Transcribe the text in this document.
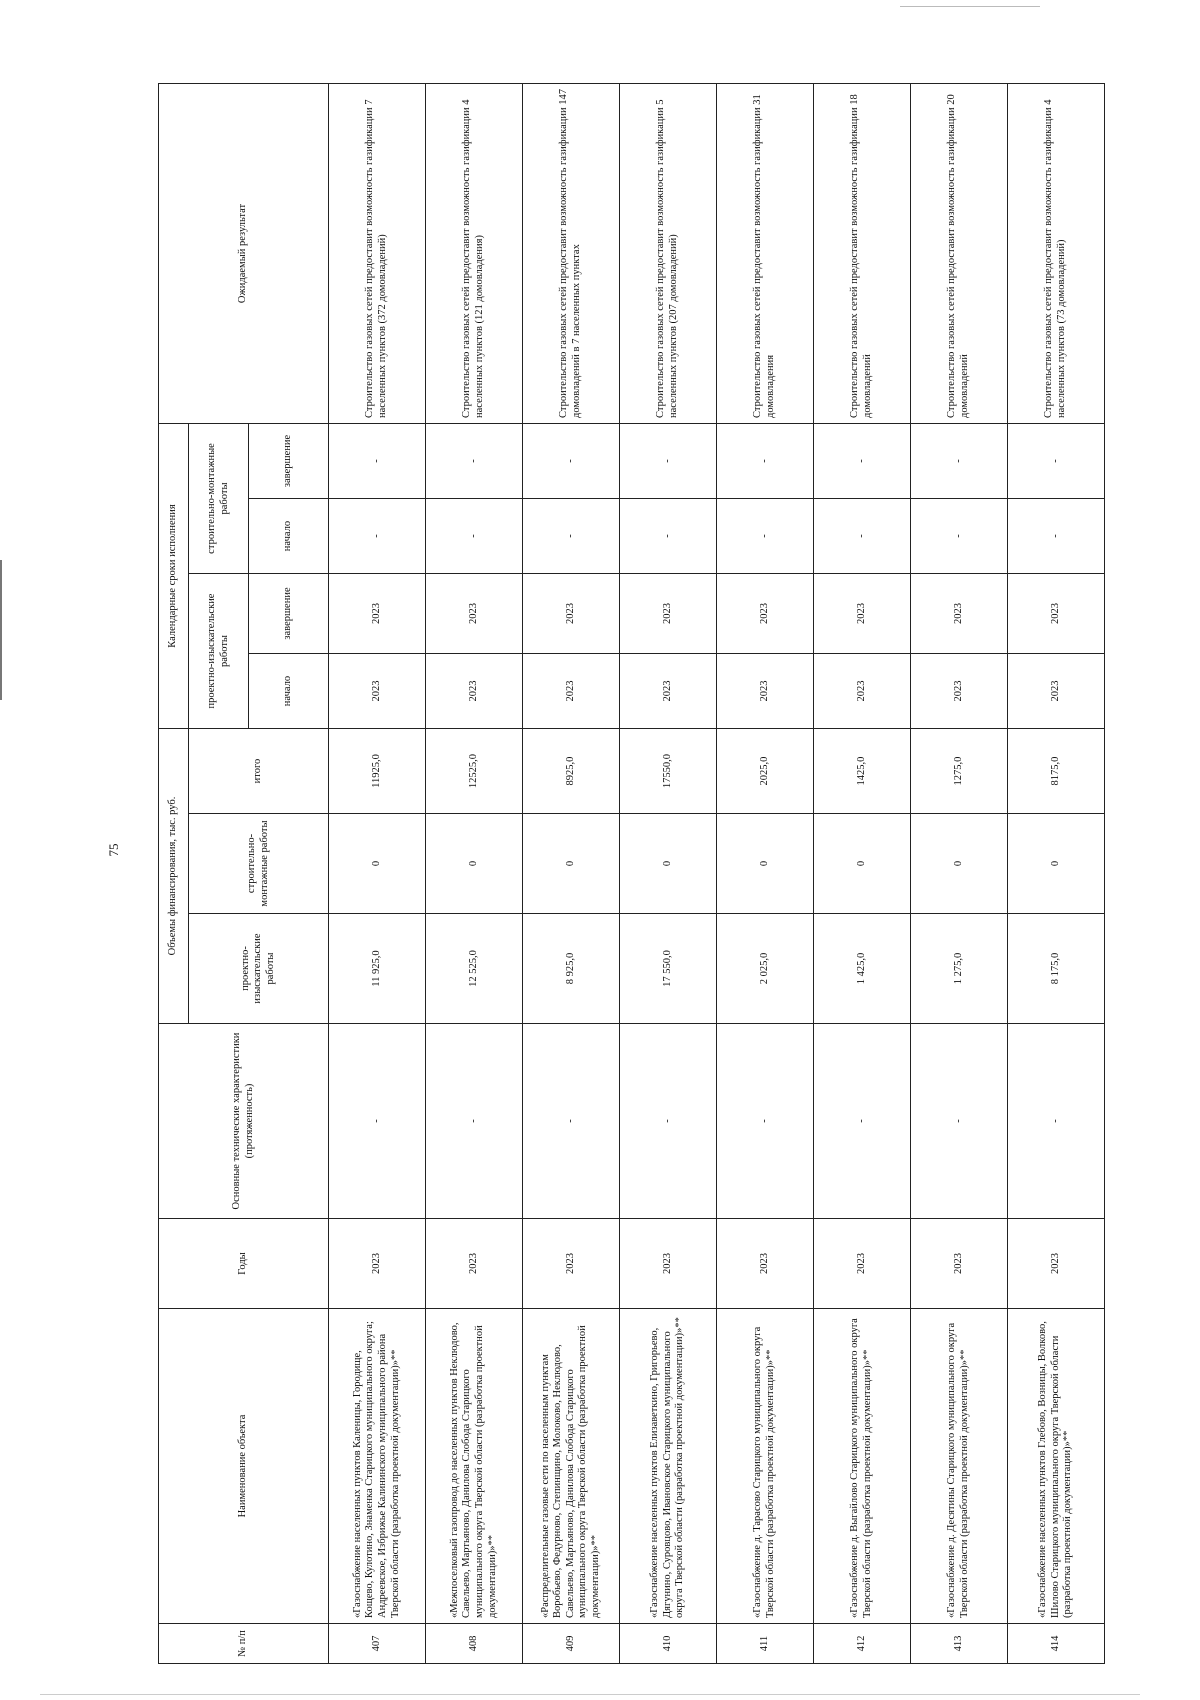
75
№ п/п	Наименование объекта	Годы	Основные технические характеристики (протяженность)	Объемы финансирования, тыс. руб.			Календарные сроки исполнения				Ожидаемый результат
				проектно-изыскательские работы	строительно-монтажные работы	итого	проектно-изыскательские работы		строительно-монтажные работы		
							начало	завершение	начало	завершение	
407	«Газоснабжение населенных пунктов Каленицы, Городище, Кощево, Кулотино, Знаменка Старицкого муниципального округа; Андреевское, Избрижье Калининского муниципального района Тверской области (разработка проектной документации)»**	2023	-	11 925,0	0	11925,0	2023	2023	-	-	Строительство газовых сетей предоставит возможность газификации 7 населенных пунктов (372 домовладений)
408	«Межпоселковый газопровод до населенных пунктов Неклюдово, Савельево, Мартьяново, Данилова Слобода Старицкого муниципального округа Тверской области (разработка проектной документации)»**	2023	-	12 525,0	0	12525,0	2023	2023	-	-	Строительство газовых сетей предоставит возможность газификации 4 населенных пунктов (121 домовладения)
409	«Распределительные газовые сети по населенным пунктам Воробьево, Федурново, Степинщино, Молоково, Неклюдово, Савельево, Мартьяново, Данилова Слобода Старицкого муниципального округа Тверской области (разработка проектной документации)»**	2023	-	8 925,0	0	8925,0	2023	2023	-	-	Строительство газовых сетей предоставит возможность газификации 147 домовладений в 7 населенных пунктах
410	«Газоснабжение населенных пунктов Елизаветкино, Григорьево, Дягунино, Суровцово, Ивановское Старицкого муниципального округа Тверской области (разработка проектной документации)»**	2023	-	17 550,0	0	17550,0	2023	2023	-	-	Строительство газовых сетей предоставит возможность газификации 5 населенных пунктов (207 домовладений)
411	«Газоснабжение д. Тарасово Старицкого муниципального округа Тверской области (разработка проектной документации)»**	2023	-	2 025,0	0	2025,0	2023	2023	-	-	Строительство газовых сетей предоставит возможность газификации 31 домовладения
412	«Газоснабжение д. Выгайлово Старицкого муниципального округа Тверской области (разработка проектной документации)»**	2023	-	1 425,0	0	1425,0	2023	2023	-	-	Строительство газовых сетей предоставит возможность газификации 18 домовладений
413	«Газоснабжение д. Десятины Старицкого муниципального округа Тверской области (разработка проектной документации)»**	2023	-	1 275,0	0	1275,0	2023	2023	-	-	Строительство газовых сетей предоставит возможность газификации 20 домовладений
414	«Газоснабжение населенных пунктов Глебово, Возницы, Волково, Шилово Старицкого муниципального округа Тверской области (разработка проектной документации)»**	2023	-	8 175,0	0	8175,0	2023	2023	-	-	Строительство газовых сетей предоставит возможность газификации 4 населенных пунктов (73 домовладений)
